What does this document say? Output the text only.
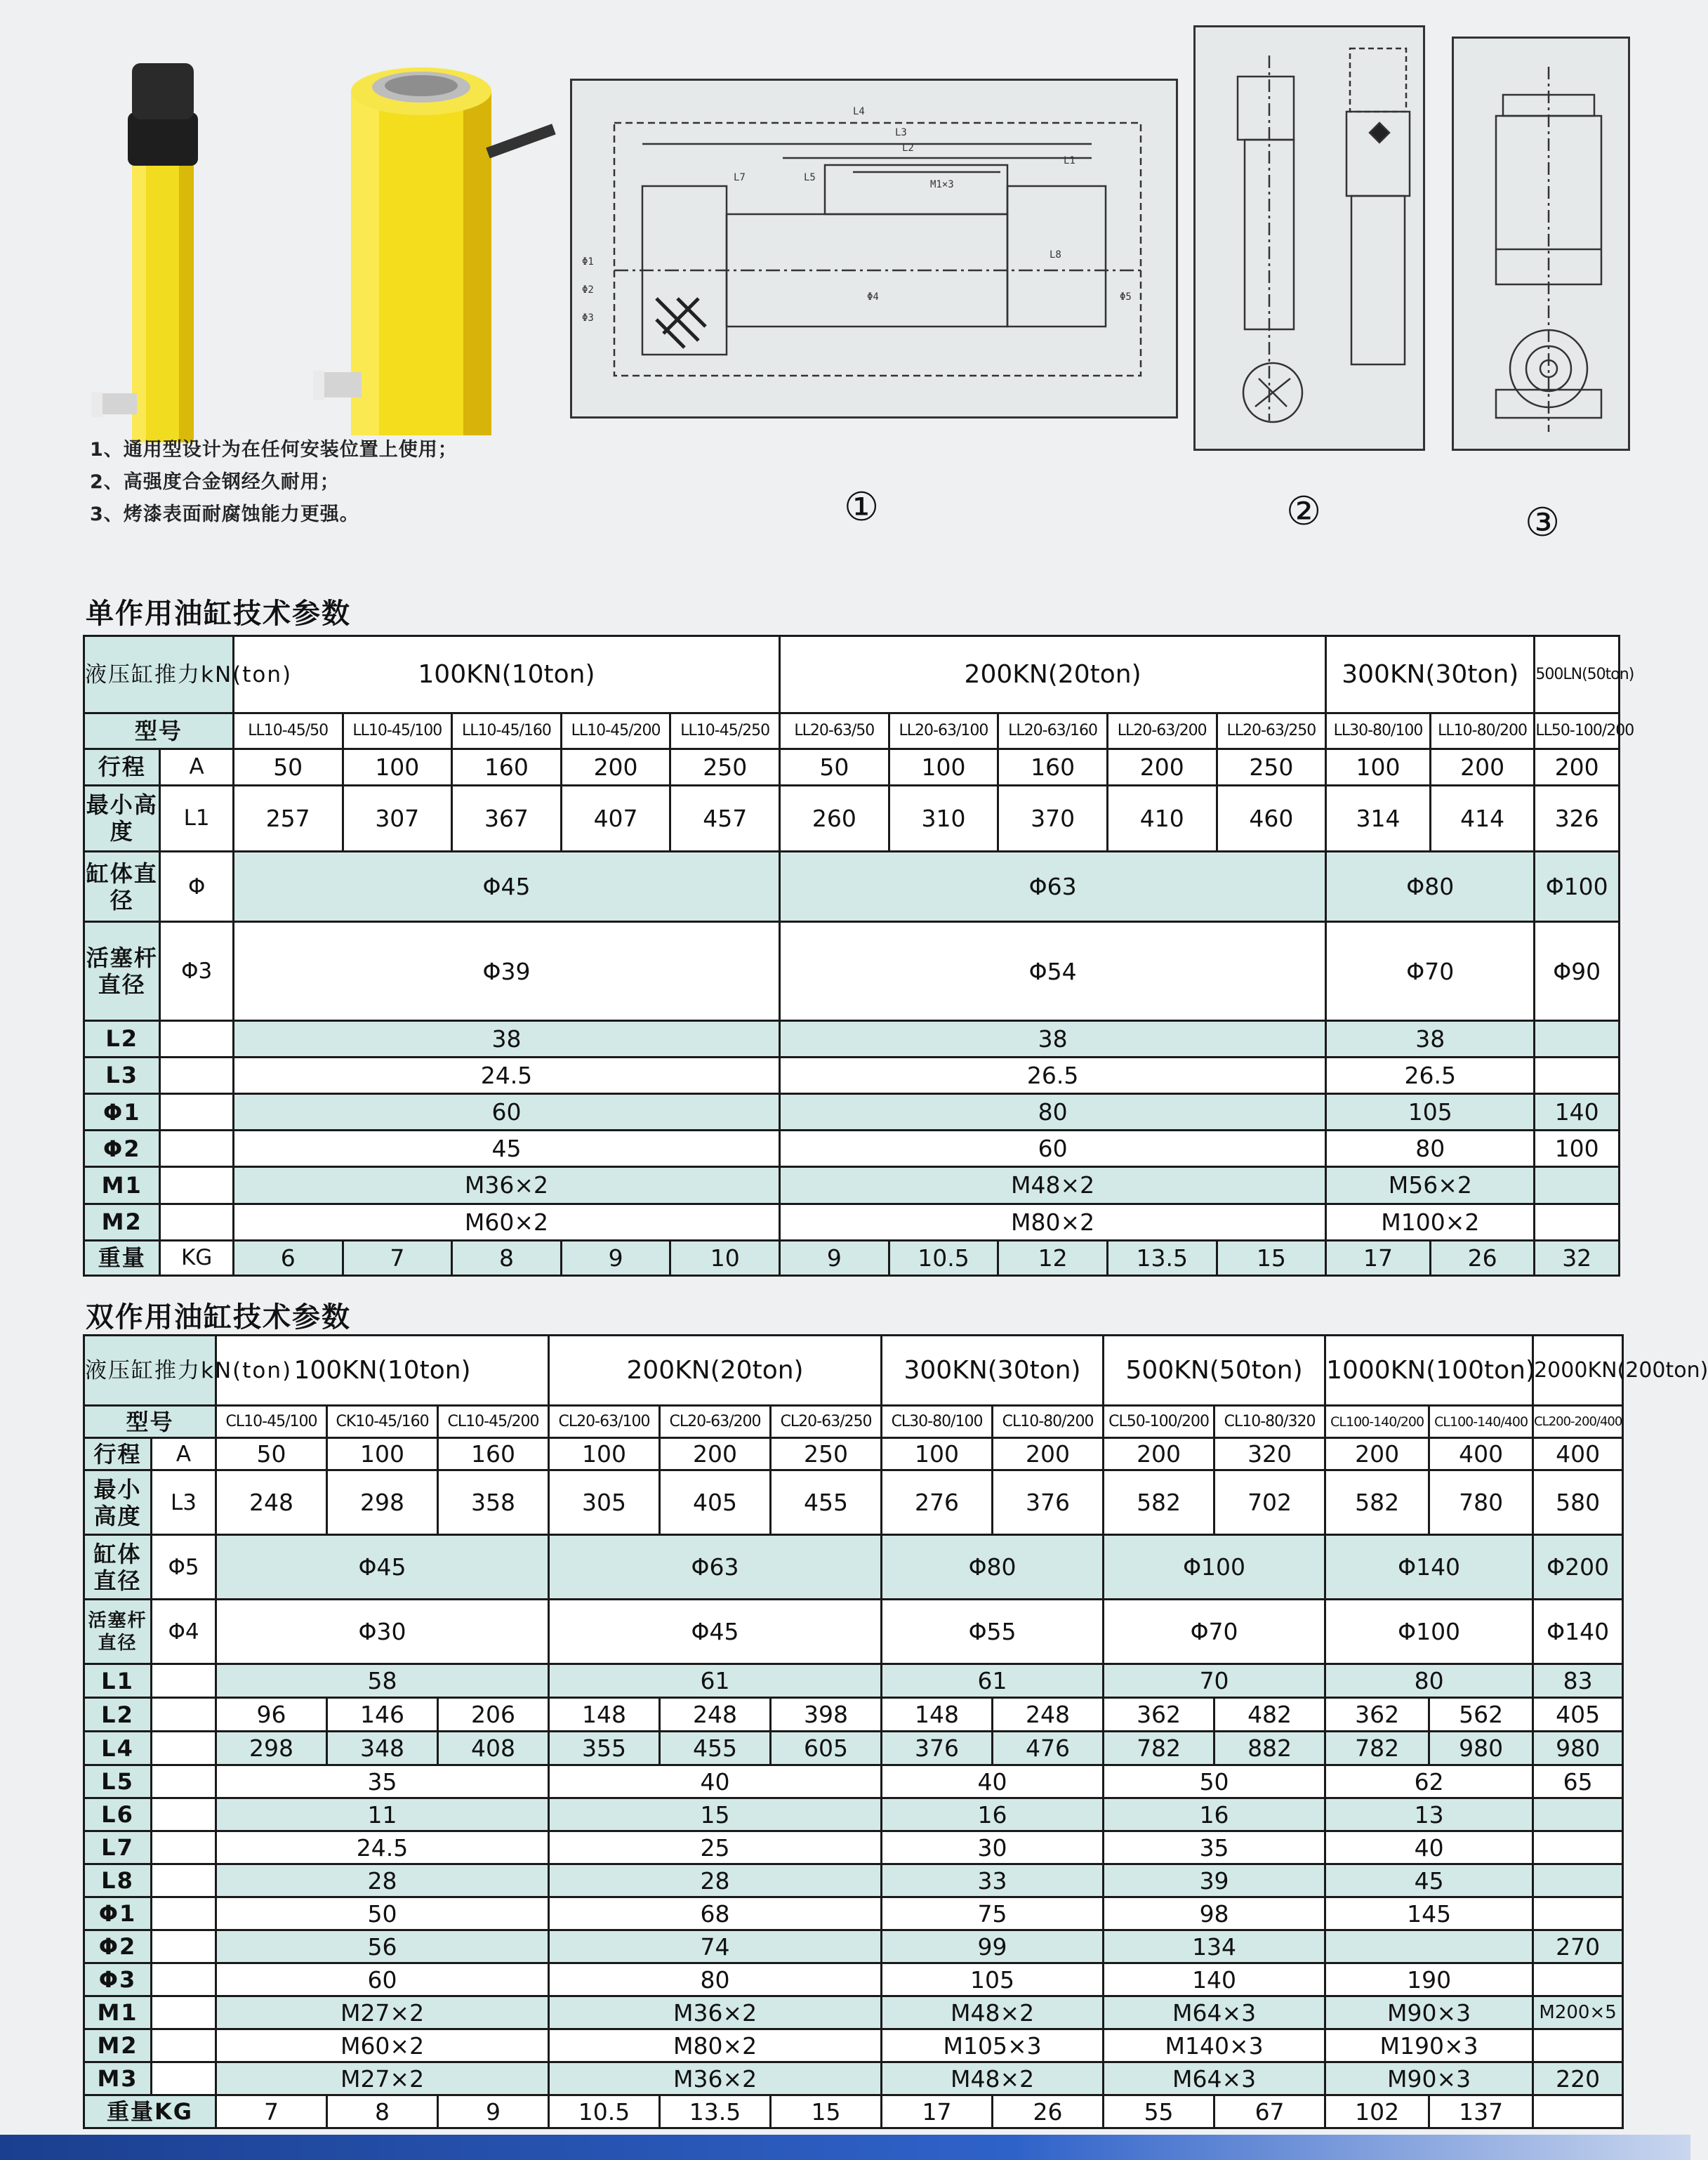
1、通用型设计为在任何安装位置上使用；
2、高强度合金钢经久耐用；
3、烤漆表面耐腐蚀能力更强。
L4
L3
L2
L1
L7	L5
L8
Φ1
Φ2
Φ3
Φ4	Φ5
M1×3
①	②	③
单作用油缸技术参数
液压缸推力kN(ton)		100KN(10ton)					200KN(20ton)					300KN(30ton)		500LN(50ton)
型号		LL10-45/50	LL10-45/100	LL10-45/160	LL10-45/200	LL10-45/250	LL20-63/50	LL20-63/100	LL20-63/160	LL20-63/200	LL20-63/250	LL30-80/100	LL10-80/200	LL50-100/200
行程	A	50	100	160	200	250	50	100	160	200	250	100	200	200
最小高度	L1	257	307	367	407	457	260	310	370	410	460	314	414	326
缸体直径	Φ	Φ45					Φ63					Φ80		Φ100
活塞杆直径	Φ3	Φ39					Φ54					Φ70		Φ90
L2		38					38					38		
L3		24.5					26.5					26.5		
Φ1		60					80					105		140
Φ2		45					60					80		100
M1		M36×2					M48×2					M56×2		
M2		M60×2					M80×2					M100×2		
重量	KG	6	7	8	9	10	9	10.5	12	13.5	15	17	26	32
双作用油缸技术参数
液压缸推力kN(ton)		100KN(10ton)			200KN(20ton)			300KN(30ton)		500KN(50ton)		1000KN(100ton)		2000KN(200ton)
型号		CL10-45/100	CK10-45/160	CL10-45/200	CL20-63/100	CL20-63/200	CL20-63/250	CL30-80/100	CL10-80/200	CL50-100/200	CL10-80/320	CL100-140/200	CL100-140/400	CL200-200/400
行程	A	50	100	160	100	200	250	100	200	200	320	200	400	400
最小高度	L3	248	298	358	305	405	455	276	376	582	702	582	780	580
缸体直径	Φ5	Φ45			Φ63			Φ80		Φ100		Φ140		Φ200
活塞杆直径	Φ4	Φ30			Φ45			Φ55		Φ70		Φ100		Φ140
L1		58			61			61		70		80		83
L2		96	146	206	148	248	398	148	248	362	482	362	562	405
L4		298	348	408	355	455	605	376	476	782	882	782	980	980
L5		35			40			40		50		62		65
L6		11			15			16		16		13		
L7		24.5			25			30		35		40		
L8		28			28			33		39		45		
Φ1		50			68			75		98		145		
Φ2		56			74			99		134				270
Φ3		60			80			105		140		190		
M1		M27×2			M36×2			M48×2		M64×3		M90×3		M200×5
M2		M60×2			M80×2			M105×3		M140×3		M190×3		
M3		M27×2			M36×2			M48×2		M64×3		M90×3		220
重量KG		7	8	9	10.5	13.5	15	17	26	55	67	102	137	
